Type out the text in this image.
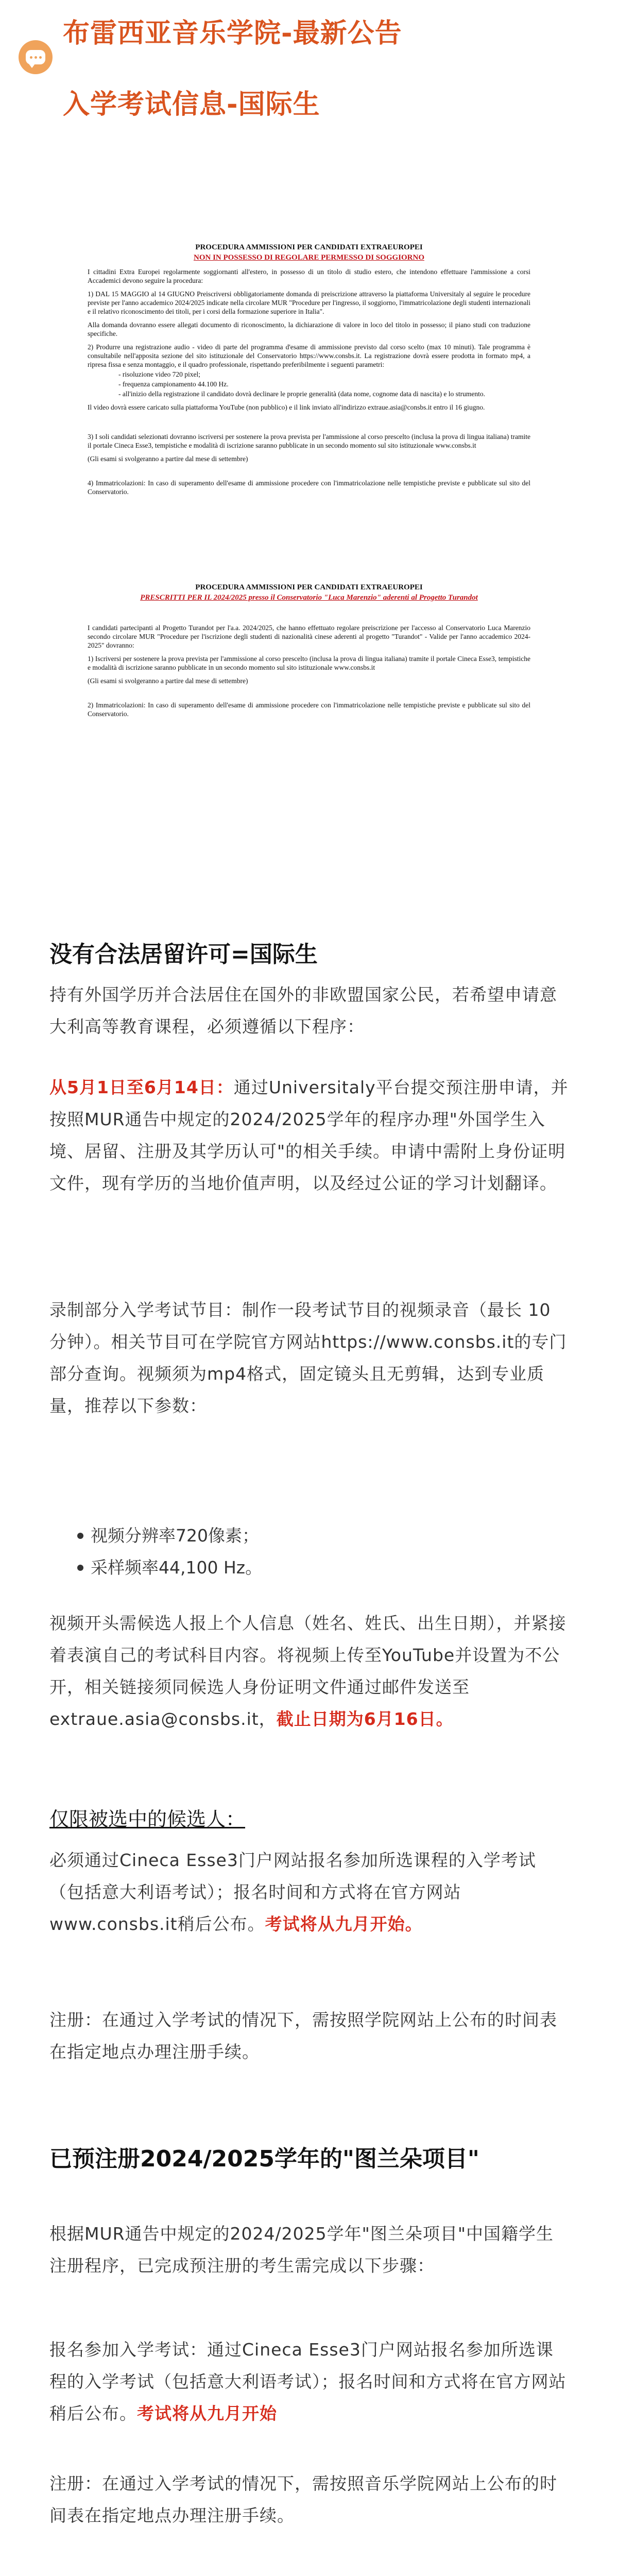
布雷西亚音乐学院-最新公告
入学考试信息-国际生
PROCEDURA AMMISSIONI PER CANDIDATI EXTRAEUROPEI
NON IN POSSESSO DI REGOLARE PERMESSO DI SOGGIORNO

I cittadini Extra Europei regolarmente soggiornanti all'estero, in possesso di un titolo di studio estero, che intendono effettuare l'ammissione a corsi Accademici devono seguire la procedura:

1) DAL 15 MAGGIO al 14 GIUGNO Preiscriversi obbligatoriamente domanda di preiscrizione attraverso la piattaforma Universitaly al seguire le procedure previste per l'anno accademico 2024/2025 indicate nella circolare MUR "Procedure per l'ingresso, il soggiorno, l'immatricolazione degli studenti internazionali e il relativo riconoscimento dei titoli, per i corsi della formazione superiore in Italia".

Alla domanda dovranno essere allegati documento di riconoscimento, la dichiarazione di valore in loco del titolo in possesso; il piano studi con traduzione specifiche.

2) Produrre una registrazione audio - video di parte del programma d'esame di ammissione previsto dal corso scelto (max 10 minuti). Tale programma è consultabile nell'apposita sezione del sito istituzionale del Conservatorio https://www.consbs.it. La registrazione dovrà essere prodotta in formato mp4, a ripresa fissa e senza montaggio, e il quadro professionale, rispettando preferibilmente i seguenti parametri:

- risoluzione video 720 pixel;

- frequenza campionamento 44.100 Hz.

- all'inizio della registrazione il candidato dovrà declinare le proprie generalità (data nome, cognome data di nascita) e lo strumento.

Il video dovrà essere caricato sulla piattaforma YouTube (non pubblico) e il link inviato all'indirizzo extraue.asia@consbs.it entro il 16 giugno.

3) I soli candidati selezionati dovranno iscriversi per sostenere la prova prevista per l'ammissione al corso prescelto (inclusa la prova di lingua italiana) tramite il portale Cineca Esse3, tempistiche e modalità di iscrizione saranno pubblicate in un secondo momento sul sito istituzionale www.consbs.it

(Gli esami si svolgeranno a partire dal mese di settembre)

4) Immatricolazioni: In caso di superamento dell'esame di ammissione procedere con l'immatricolazione nelle tempistiche previste e pubblicate sul sito del Conservatorio.

PROCEDURA AMMISSIONI PER CANDIDATI EXTRAEUROPEI
PRESCRITTI PER IL 2024/2025 presso il Conservatorio "Luca Marenzio" aderenti al Progetto Turandot

I candidati partecipanti al Progetto Turandot per l'a.a. 2024/2025, che hanno effettuato regolare preiscrizione per l'accesso al Conservatorio Luca Marenzio secondo circolare MUR "Procedure per l'iscrizione degli studenti di nazionalità cinese aderenti al progetto "Turandot" - Valide per l'anno accademico 2024-2025" dovranno:

1) Iscriversi per sostenere la prova prevista per l'ammissione al corso prescelto (inclusa la prova di lingua italiana) tramite il portale Cineca Esse3, tempistiche e modalità di iscrizione saranno pubblicate in un secondo momento sul sito istituzionale www.consbs.it

(Gli esami si svolgeranno a partire dal mese di settembre)

2) Immatricolazioni: In caso di superamento dell'esame di ammissione procedere con l'immatricolazione nelle tempistiche previste e pubblicate sul sito del Conservatorio.

没有合法居留许可=国际生
持有外国学历并合法居住在国外的非欧盟国家公民，若希望申请意大利高等教育课程，必须遵循以下程序：
从5月1日至6月14日：通过Universitaly平台提交预注册申请，并按照MUR通告中规定的2024/2025学年的程序办理"外国学生入境、居留、注册及其学历认可"的相关手续。申请中需附上身份证明文件，现有学历的当地价值声明，以及经过公证的学习计划翻译。
录制部分入学考试节目：制作一段考试节目的视频录音（最长 10 分钟）。相关节目可在学院官方网站https://www.consbs.it的专门部分查询。视频须为mp4格式，固定镜头且无剪辑，达到专业质量，推荐以下参数：
视频分辨率720像素；
采样频率44,100 Hz。
视频开头需候选人报上个人信息（姓名、姓氏、出生日期），并紧接着表演自己的考试科目内容。将视频上传至YouTube并设置为不公开，相关链接须同候选人身份证明文件通过邮件发送至extraue.asia@consbs.it，截止日期为6月16日。
仅限被选中的候选人：
必须通过Cineca Esse3门户网站报名参加所选课程的入学考试（包括意大利语考试）；报名时间和方式将在官方网站www.consbs.it稍后公布。考试将从九月开始。
注册：在通过入学考试的情况下，需按照学院网站上公布的时间表在指定地点办理注册手续。
已预注册2024/2025学年的"图兰朵项目"
根据MUR通告中规定的2024/2025学年"图兰朵项目"中国籍学生注册程序，已完成预注册的考生需完成以下步骤：
报名参加入学考试：通过Cineca Esse3门户网站报名参加所选课程的入学考试（包括意大利语考试）；报名时间和方式将在官方网站稍后公布。考试将从九月开始
注册：在通过入学考试的情况下，需按照音乐学院网站上公布的时间表在指定地点办理注册手续。
